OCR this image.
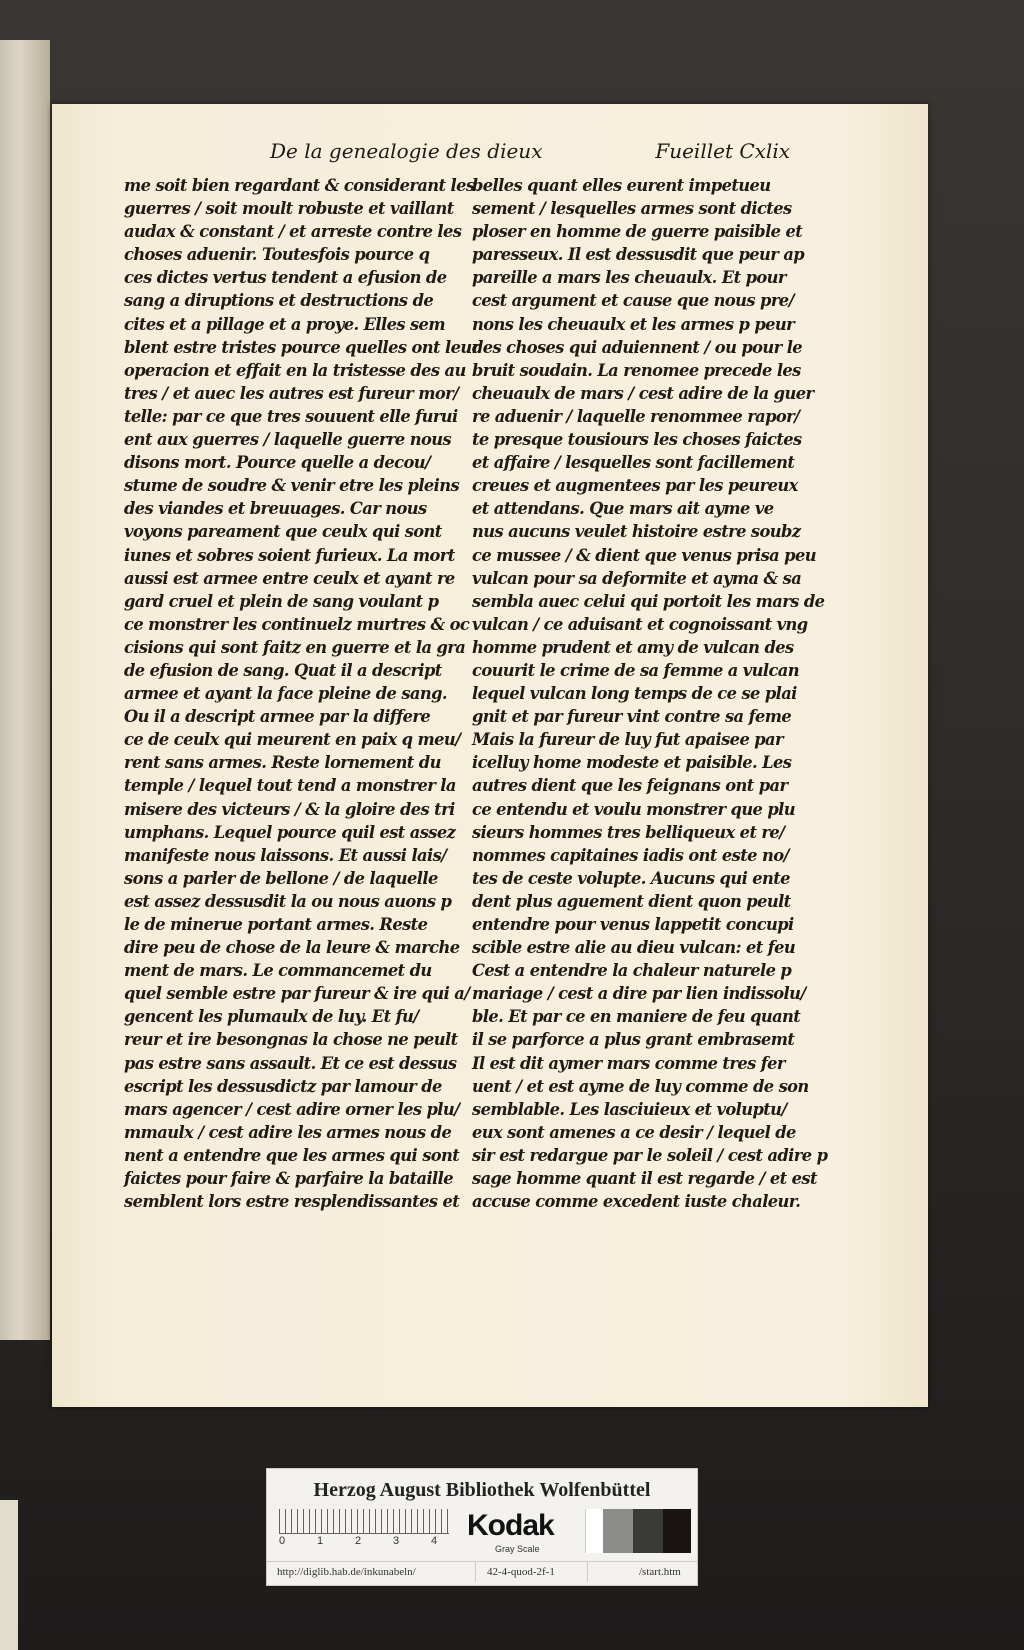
De la genealogie des dieux	Fueillet Cxlix
me soit bien regardant & considerant les
guerres / soit moult robuste et vaillant
audax & constant / et arreste contre les
choses aduenir. Toutesfois pource q
ces dictes vertus tendent a efusion de
sang a diruptions et destructions de
cites et a pillage et a proye. Elles sem
blent estre tristes pource quelles ont leur
operacion et effait en la tristesse des au
tres / et auec les autres est fureur mor/
telle: par ce que tres souuent elle furui
ent aux guerres / laquelle guerre nous
disons mort. Pource quelle a decou/
stume de soudre & venir etre les pleins
des viandes et breuuages. Car nous
voyons pareament que ceulx qui sont
iunes et sobres soient furieux. La mort
aussi est armee entre ceulx et ayant re
gard cruel et plein de sang voulant p
ce monstrer les continuelz murtres & oc
cisions qui sont faitz en guerre et la gra
de efusion de sang. Quat il a descript
armee et ayant la face pleine de sang.
Ou il a descript armee par la differe
ce de ceulx qui meurent en paix q meu/
rent sans armes. Reste lornement du
temple / lequel tout tend a monstrer la
misere des victeurs / & la gloire des tri
umphans. Lequel pource quil est assez
manifeste nous laissons. Et aussi lais/
sons a parler de bellone / de laquelle
est assez dessusdit la ou nous auons p
le de minerue portant armes. Reste
dire peu de chose de la leure & marche
ment de mars. Le commancemet du
quel semble estre par fureur & ire qui a/
gencent les plumaulx de luy. Et fu/
reur et ire besongnas la chose ne peult
pas estre sans assault. Et ce est dessus
escript les dessusdictz par lamour de
mars agencer / cest adire orner les plu/
mmaulx / cest adire les armes nous de
nent a entendre que les armes qui sont
faictes pour faire & parfaire la bataille
semblent lors estre resplendissantes et
belles quant elles eurent impetueu
sement / lesquelles armes sont dictes
ploser en homme de guerre paisible et
paresseux. Il est dessusdit que peur ap
pareille a mars les cheuaulx. Et pour
cest argument et cause que nous pre/
nons les cheuaulx et les armes p peur
des choses qui aduiennent / ou pour le
bruit soudain. La renomee precede les
cheuaulx de mars / cest adire de la guer
re aduenir / laquelle renommee rapor/
te presque tousiours les choses faictes
et affaire / lesquelles sont facillement
creues et augmentees par les peureux
et attendans. Que mars ait ayme ve
nus aucuns veulet histoire estre soubz
ce mussee / & dient que venus prisa peu
vulcan pour sa deformite et ayma & sa
sembla auec celui qui portoit les mars de
vulcan / ce aduisant et cognoissant vng
homme prudent et amy de vulcan des
couurit le crime de sa femme a vulcan
lequel vulcan long temps de ce se plai
gnit et par fureur vint contre sa feme
Mais la fureur de luy fut apaisee par
icelluy home modeste et paisible. Les
autres dient que les feignans ont par
ce entendu et voulu monstrer que plu
sieurs hommes tres belliqueux et re/
nommes capitaines iadis ont este no/
tes de ceste volupte. Aucuns qui ente
dent plus aguement dient quon peult
entendre pour venus lappetit concupi
scible estre alie au dieu vulcan: et feu
Cest a entendre la chaleur naturele p
mariage / cest a dire par lien indissolu/
ble. Et par ce en maniere de feu quant
il se parforce a plus grant embrasemt
Il est dit aymer mars comme tres fer
uent / et est ayme de luy comme de son
semblable. Les lasciuieux et voluptu/
eux sont amenes a ce desir / lequel de
sir est redargue par le soleil / cest adire p
sage homme quant il est regarde / et est
accuse comme excedent iuste chaleur.
Herzog August Bibliothek Wolfenbüttel
0	1	2	3	4 Kodak
Gray Scale
http://diglib.hab.de/inkunabeln/	42-4-quod-2f-1	/start.htm
